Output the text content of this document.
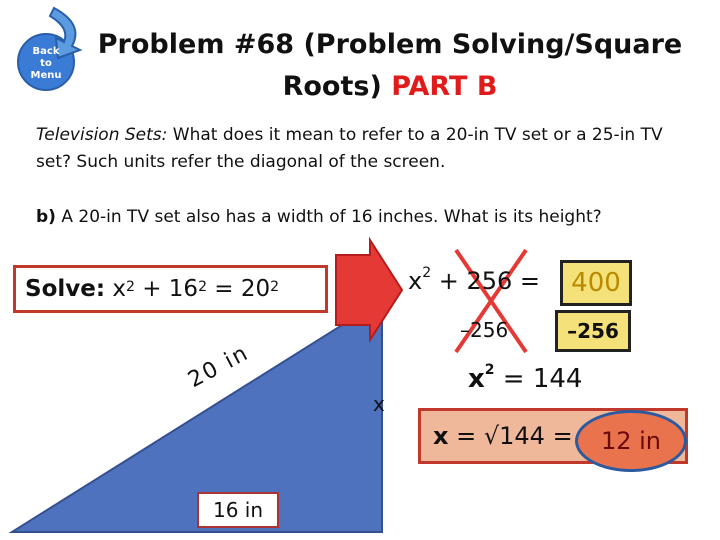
Back to Menu
Problem #68 (Problem Solving/Square Roots) PART B
Television Sets: What does it mean to refer to a 20-in TV set or a 25-in TV set? Such units refer the diagonal of the screen.
b) A 20-in TV set also has a width of 16 inches. What is its height?
Solve: $x^2 + 16^2 = 20^2$	$x^2 + 256$ =	400
–256	–256
$x^2 = 144$
x = √144 =	12 in
20 in
x
16 in
